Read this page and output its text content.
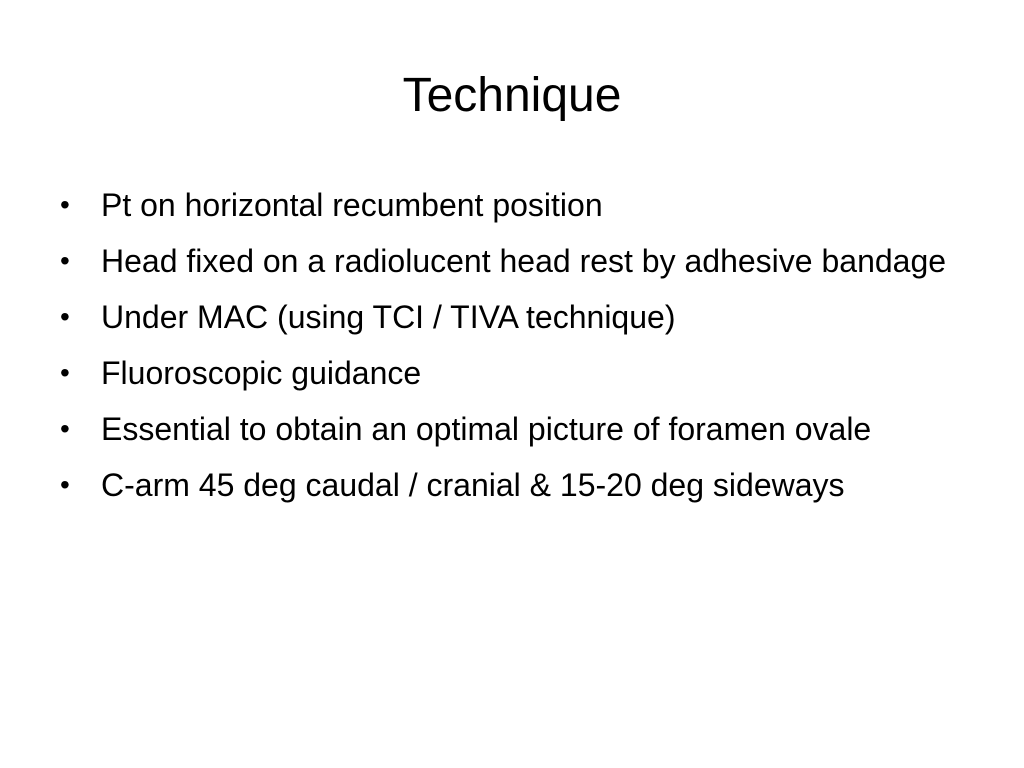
Technique
• Pt on horizontal recumbent position
• Head fixed on a radiolucent head rest by adhesive bandage
• Under MAC (using TCI / TIVA technique)
• Fluoroscopic guidance
• Essential to obtain an optimal picture of foramen ovale
• C-arm 45 deg caudal / cranial & 15-20 deg sideways
